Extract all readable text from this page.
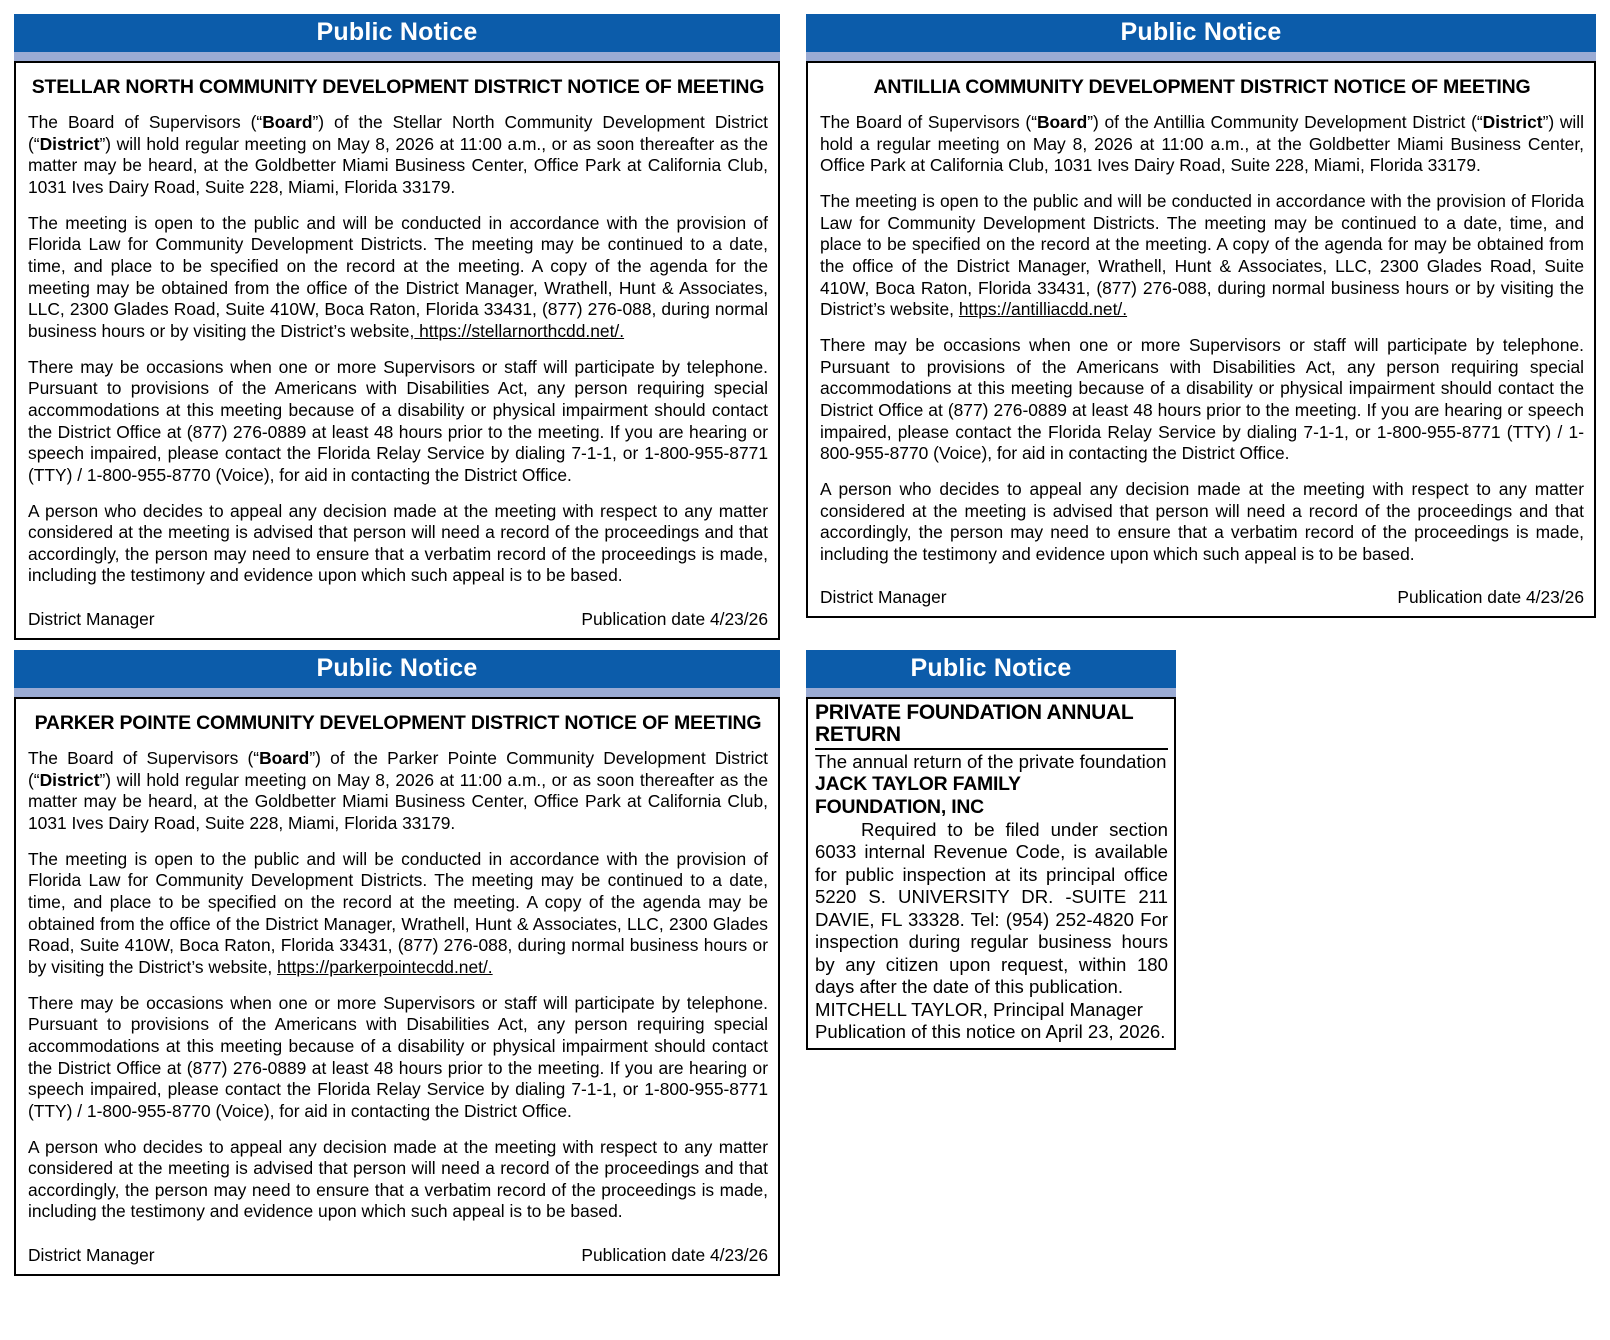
Public Notice
STELLAR NORTH COMMUNITY DEVELOPMENT DISTRICT NOTICE OF MEETING

The Board of Supervisors (“Board”) of the Stellar North Community Development District (“District”) will hold regular meeting on May 8, 2026 at 11:00 a.m., or as soon thereafter as the matter may be heard, at the Goldbetter Miami Business Center, Office Park at California Club, 1031 Ives Dairy Road, Suite 228, Miami, Florida 33179.

The meeting is open to the public and will be conducted in accordance with the provision of Florida Law for Community Development Districts. The meeting may be continued to a date, time, and place to be specified on the record at the meeting. A copy of the agenda for the meeting may be obtained from the office of the District Manager, Wrathell, Hunt & Associates, LLC, 2300 Glades Road, Suite 410W, Boca Raton, Florida 33431, (877) 276-088, during normal business hours or by visiting the District’s website, https://stellarnorthcdd.net/.

There may be occasions when one or more Supervisors or staff will participate by telephone. Pursuant to provisions of the Americans with Disabilities Act, any person requiring special accommodations at this meeting because of a disability or physical impairment should contact the District Office at (877) 276-0889 at least 48 hours prior to the meeting. If you are hearing or speech impaired, please contact the Florida Relay Service by dialing 7-1-1, or 1-800-955-8771 (TTY) / 1-800-955-8770 (Voice), for aid in contacting the District Office.

A person who decides to appeal any decision made at the meeting with respect to any matter considered at the meeting is advised that person will need a record of the proceedings and that accordingly, the person may need to ensure that a verbatim record of the proceedings is made, including the testimony and evidence upon which such appeal is to be based.

District Manager	Publication date 4/23/26
Public Notice
ANTILLIA COMMUNITY DEVELOPMENT DISTRICT NOTICE OF MEETING

The Board of Supervisors (“Board”) of the Antillia Community Development District (“District”) will hold a regular meeting on May 8, 2026 at 11:00 a.m., at the Goldbetter Miami Business Center, Office Park at California Club, 1031 Ives Dairy Road, Suite 228, Miami, Florida 33179.

The meeting is open to the public and will be conducted in accordance with the provision of Florida Law for Community Development Districts. The meeting may be continued to a date, time, and place to be specified on the record at the meeting. A copy of the agenda for may be obtained from the office of the District Manager, Wrathell, Hunt & Associates, LLC, 2300 Glades Road, Suite 410W, Boca Raton, Florida 33431, (877) 276-088, during normal business hours or by visiting the District’s website, https://antilliacdd.net/.

There may be occasions when one or more Supervisors or staff will participate by telephone. Pursuant to provisions of the Americans with Disabilities Act, any person requiring special accommodations at this meeting because of a disability or physical impairment should contact the District Office at (877) 276-0889 at least 48 hours prior to the meeting. If you are hearing or speech impaired, please contact the Florida Relay Service by dialing 7-1-1, or 1-800-955-8771 (TTY) / 1-800-955-8770 (Voice), for aid in contacting the District Office.

A person who decides to appeal any decision made at the meeting with respect to any matter considered at the meeting is advised that person will need a record of the proceedings and that accordingly, the person may need to ensure that a verbatim record of the proceedings is made, including the testimony and evidence upon which such appeal is to be based.

District Manager	Publication date 4/23/26
Public Notice
PARKER POINTE COMMUNITY DEVELOPMENT DISTRICT NOTICE OF MEETING

The Board of Supervisors (“Board”) of the Parker Pointe Community Development District (“District”) will hold regular meeting on May 8, 2026 at 11:00 a.m., or as soon thereafter as the matter may be heard, at the Goldbetter Miami Business Center, Office Park at California Club, 1031 Ives Dairy Road, Suite 228, Miami, Florida 33179.

The meeting is open to the public and will be conducted in accordance with the provision of Florida Law for Community Development Districts. The meeting may be continued to a date, time, and place to be specified on the record at the meeting. A copy of the agenda may be obtained from the office of the District Manager, Wrathell, Hunt & Associates, LLC, 2300 Glades Road, Suite 410W, Boca Raton, Florida 33431, (877) 276-088, during normal business hours or by visiting the District’s website, https://parkerpointecdd.net/.

There may be occasions when one or more Supervisors or staff will participate by telephone. Pursuant to provisions of the Americans with Disabilities Act, any person requiring special accommodations at this meeting because of a disability or physical impairment should contact the District Office at (877) 276-0889 at least 48 hours prior to the meeting. If you are hearing or speech impaired, please contact the Florida Relay Service by dialing 7-1-1, or 1-800-955-8771 (TTY) / 1-800-955-8770 (Voice), for aid in contacting the District Office.

A person who decides to appeal any decision made at the meeting with respect to any matter considered at the meeting is advised that person will need a record of the proceedings and that accordingly, the person may need to ensure that a verbatim record of the proceedings is made, including the testimony and evidence upon which such appeal is to be based.

District Manager	Publication date 4/23/26
Public Notice
PRIVATE FOUNDATION ANNUAL RETURN
The annual return of the private foundation
JACK TAYLOR FAMILY
FOUNDATION, INC

Required to be filed under section 6033 internal Revenue Code, is available for public inspection at its principal office 5220 S. UNIVERSITY DR. -SUITE 211 DAVIE, FL 33328. Tel: (954) 252-4820 For inspection during regular business hours by any citizen upon request, within 180 days after the date of this publication.

MITCHELL TAYLOR, Principal Manager
Publication of this notice on April 23, 2026.
